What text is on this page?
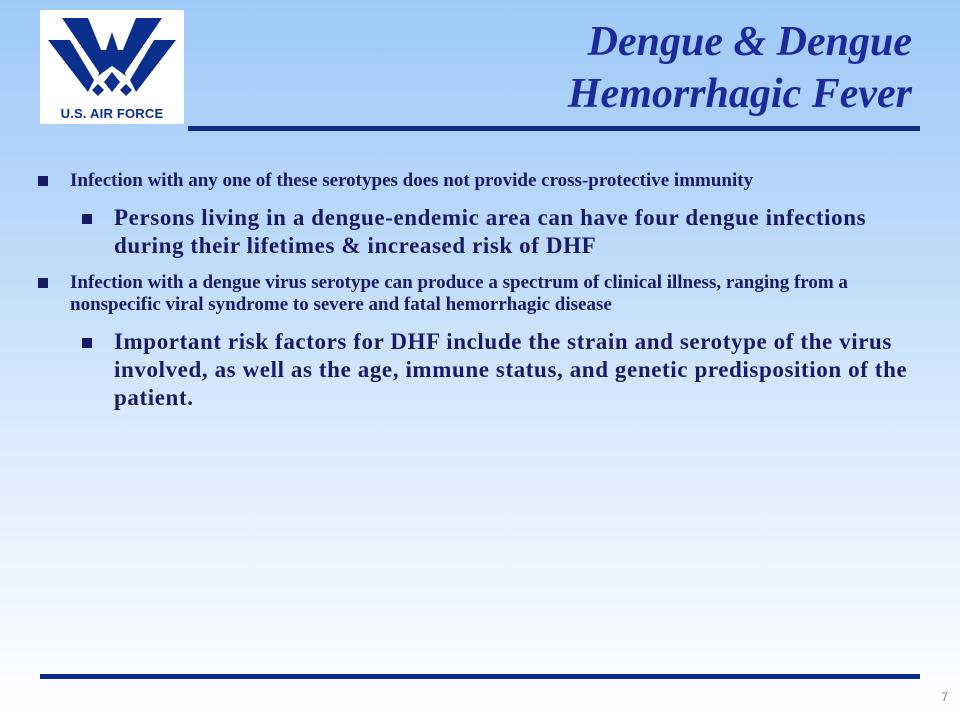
U.S. AIR FORCE
Dengue & Dengue
Hemorrhagic Fever
Infection with any one of these serotypes does not provide cross-protective immunity
Persons living in a dengue-endemic area can have four dengue infections during their lifetimes & increased risk of DHF
Infection with a dengue virus serotype can produce a spectrum of clinical illness, ranging from a nonspecific viral syndrome to severe and fatal hemorrhagic disease
Important risk factors for DHF include the strain and serotype of the virus involved, as well as the age, immune status, and genetic predisposition of the patient.
7
